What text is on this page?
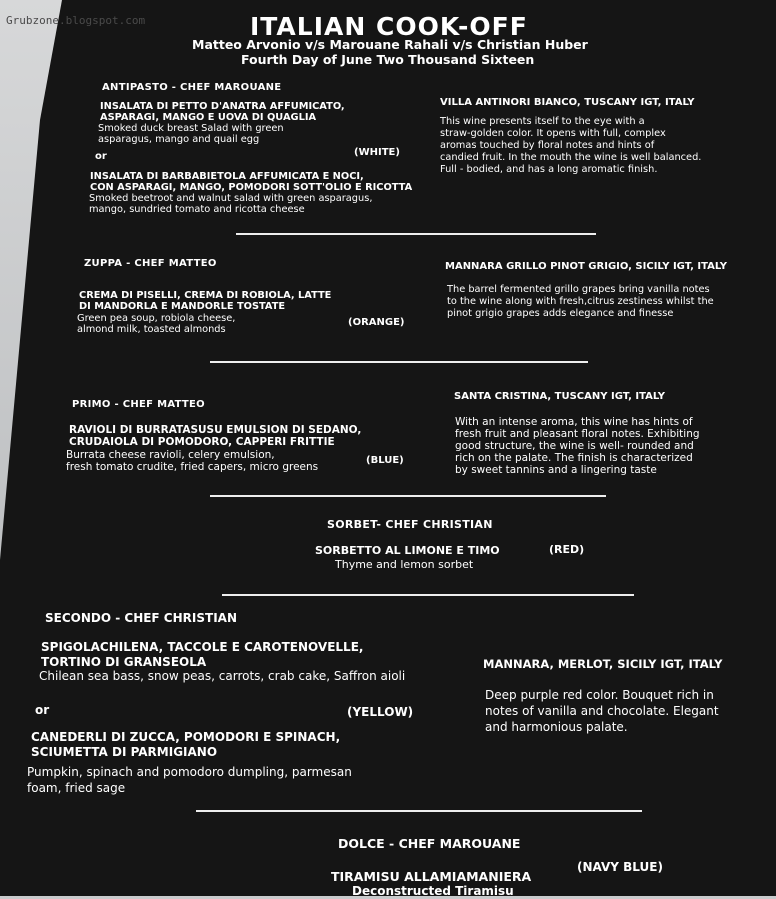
Grubzone.blogspot.com	ITALIAN COOK-OFF
Matteo Arvonio v/s Marouane Rahali v/s Christian Huber
Fourth Day of June Two Thousand Sixteen
ANTIPASTO - CHEF MAROUANE
INSALATA DI PETTO D'ANATRA AFFUMICATO,
ASPARAGI, MANGO E UOVA DI QUAGLIA
Smoked duck breast Salad with green
asparagus, mango and quail egg
or	(WHITE)
INSALATA DI BARBABIETOLA AFFUMICATA E NOCI,
CON ASPARAGI, MANGO, POMODORI SOTT'OLIO E RICOTTA
Smoked beetroot and walnut salad with green asparagus,
mango, sundried tomato and ricotta cheese
VILLA ANTINORI BIANCO, TUSCANY IGT, ITALY
This wine presents itself to the eye with a
straw-golden color. It opens with full, complex
aromas touched by floral notes and hints of
candied fruit. In the mouth the wine is well balanced.
Full - bodied, and has a long aromatic finish.
ZUPPA - CHEF MATTEO
CREMA DI PISELLI, CREMA DI ROBIOLA, LATTE
DI MANDORLA E MANDORLE TOSTATE
Green pea soup, robiola cheese,
almond milk, toasted almonds
(ORANGE)
MANNARA GRILLO PINOT GRIGIO, SICILY IGT, ITALY
The barrel fermented grillo grapes bring vanilla notes
to the wine along with fresh,citrus zestiness whilst the
pinot grigio grapes adds elegance and finesse
PRIMO - CHEF MATTEO
RAVIOLI DI BURRATASUSU EMULSION DI SEDANO,
CRUDAIOLA DI POMODORO, CAPPERI FRITTIE
Burrata cheese ravioli, celery emulsion,
fresh tomato crudite, fried capers, micro greens
(BLUE)
SANTA CRISTINA, TUSCANY IGT, ITALY
With an intense aroma, this wine has hints of
fresh fruit and pleasant floral notes. Exhibiting
good structure, the wine is well- rounded and
rich on the palate. The finish is characterized
by sweet tannins and a lingering taste
SORBET- CHEF CHRISTIAN
SORBETTO AL LIMONE E TIMO
Thyme and lemon sorbet
(RED)
SECONDO - CHEF CHRISTIAN
SPIGOLACHILENA, TACCOLE E CAROTENOVELLE,
TORTINO DI GRANSEOLA
Chilean sea bass, snow peas, carrots, crab cake, Saffron aioli
or	(YELLOW)
CANEDERLI DI ZUCCA, POMODORI E SPINACH,
SCIUMETTA DI PARMIGIANO
Pumpkin, spinach and pomodoro dumpling, parmesan
foam, fried sage
MANNARA, MERLOT, SICILY IGT, ITALY
Deep purple red color. Bouquet rich in
notes of vanilla and chocolate. Elegant
and harmonious palate.
DOLCE - CHEF MAROUANE
TIRAMISU ALLAMIAMANIERA
Deconstructed Tiramisu
(NAVY BLUE)
